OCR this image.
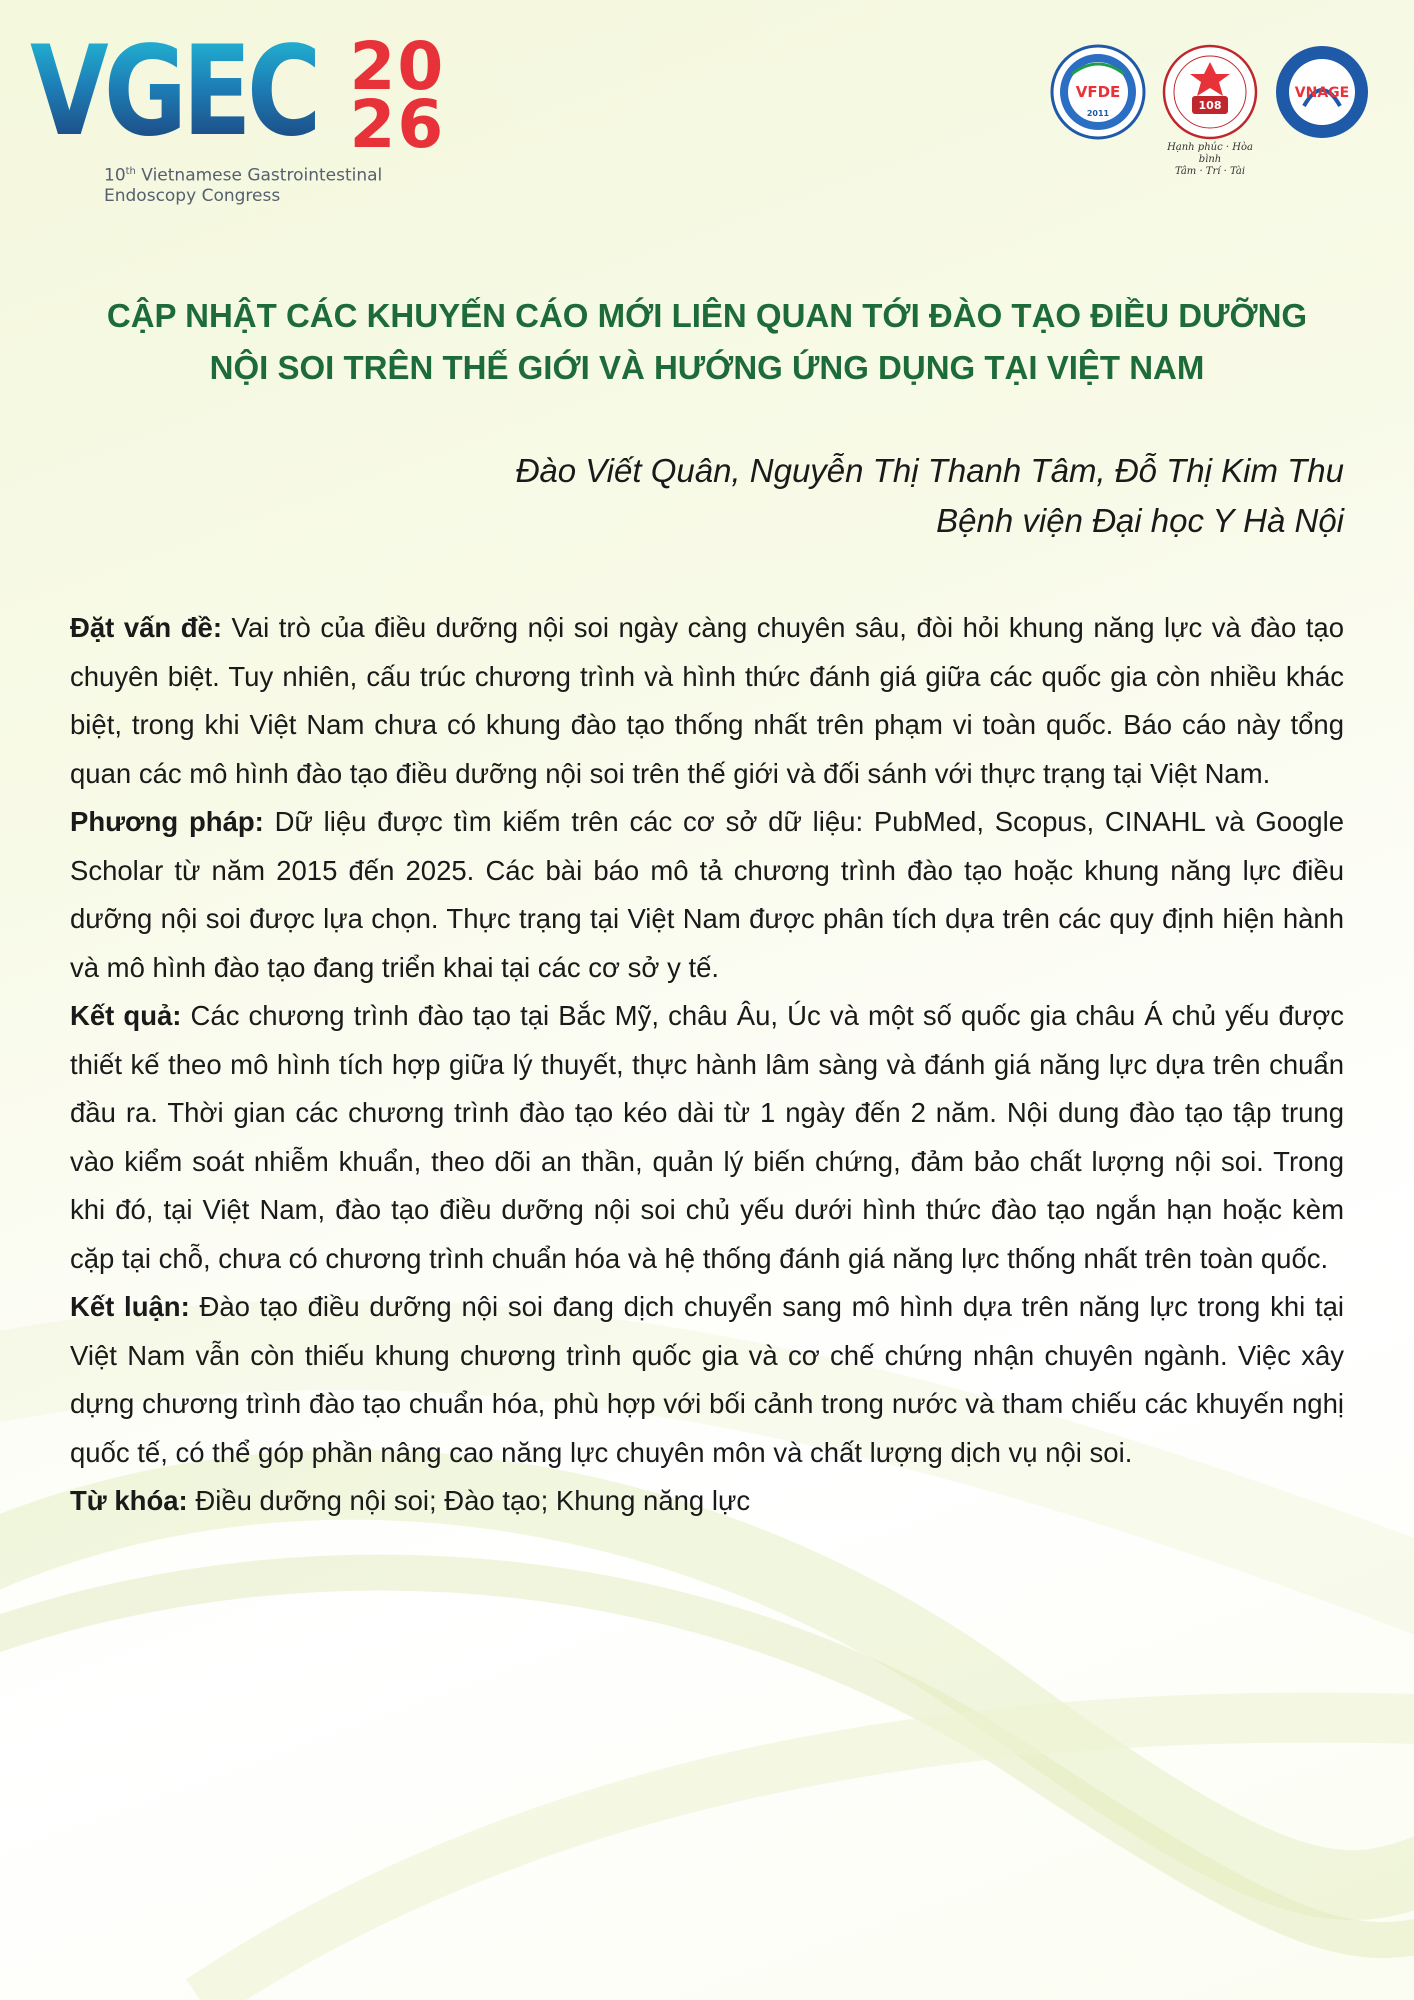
VGEC 20
26
10th Vietnamese Gastrointestinal
Endoscopy Congress
VFDE
2011
108
Hạnh phúc · Hòa bình
Tâm · Trí · Tài
VNAGE
CẬP NHẬT CÁC KHUYẾN CÁO MỚI LIÊN QUAN TỚI ĐÀO TẠO ĐIỀU DƯỠNG
NỘI SOI TRÊN THẾ GIỚI VÀ HƯỚNG ỨNG DỤNG TẠI VIỆT NAM
Đào Viết Quân, Nguyễn Thị Thanh Tâm, Đỗ Thị Kim Thu
Bệnh viện Đại học Y Hà Nội

Đặt vấn đề: Vai trò của điều dưỡng nội soi ngày càng chuyên sâu, đòi hỏi khung năng lực và đào tạo chuyên biệt. Tuy nhiên, cấu trúc chương trình và hình thức đánh giá giữa các quốc gia còn nhiều khác biệt, trong khi Việt Nam chưa có khung đào tạo thống nhất trên phạm vi toàn quốc. Báo cáo này tổng quan các mô hình đào tạo điều dưỡng nội soi trên thế giới và đối sánh với thực trạng tại Việt Nam.

Phương pháp: Dữ liệu được tìm kiếm trên các cơ sở dữ liệu: PubMed, Scopus, CINAHL và Google Scholar từ năm 2015 đến 2025. Các bài báo mô tả chương trình đào tạo hoặc khung năng lực điều dưỡng nội soi được lựa chọn. Thực trạng tại Việt Nam được phân tích dựa trên các quy định hiện hành và mô hình đào tạo đang triển khai tại các cơ sở y tế.

Kết quả: Các chương trình đào tạo tại Bắc Mỹ, châu Âu, Úc và một số quốc gia châu Á chủ yếu được thiết kế theo mô hình tích hợp giữa lý thuyết, thực hành lâm sàng và đánh giá năng lực dựa trên chuẩn đầu ra. Thời gian các chương trình đào tạo kéo dài từ 1 ngày đến 2 năm. Nội dung đào tạo tập trung vào kiểm soát nhiễm khuẩn, theo dõi an thần, quản lý biến chứng, đảm bảo chất lượng nội soi. Trong khi đó, tại Việt Nam, đào tạo điều dưỡng nội soi chủ yếu dưới hình thức đào tạo ngắn hạn hoặc kèm cặp tại chỗ, chưa có chương trình chuẩn hóa và hệ thống đánh giá năng lực thống nhất trên toàn quốc.

Kết luận: Đào tạo điều dưỡng nội soi đang dịch chuyển sang mô hình dựa trên năng lực trong khi tại Việt Nam vẫn còn thiếu khung chương trình quốc gia và cơ chế chứng nhận chuyên ngành. Việc xây dựng chương trình đào tạo chuẩn hóa, phù hợp với bối cảnh trong nước và tham chiếu các khuyến nghị quốc tế, có thể góp phần nâng cao năng lực chuyên môn và chất lượng dịch vụ nội soi.

Từ khóa: Điều dưỡng nội soi; Đào tạo; Khung năng lực
